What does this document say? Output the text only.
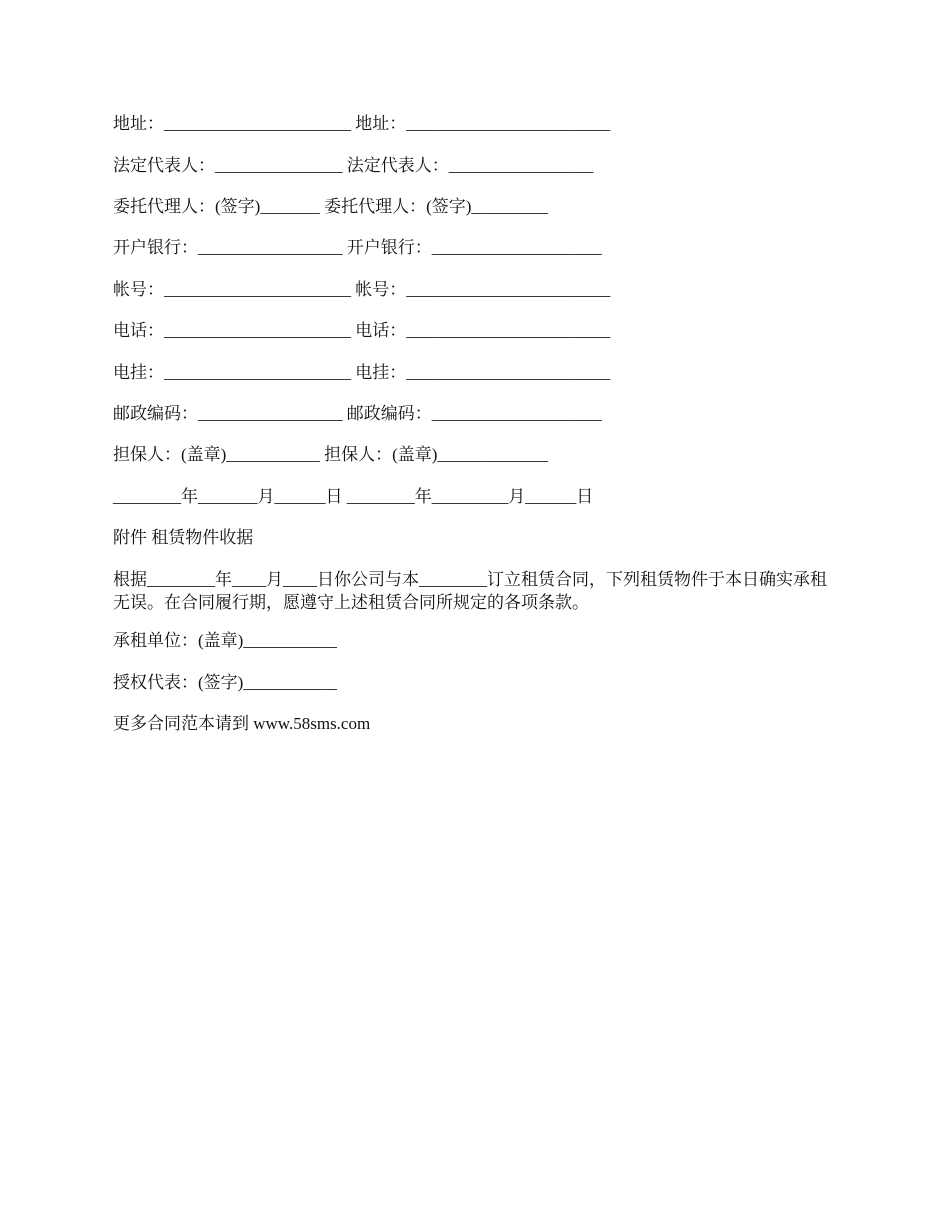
地址：______________________ 地址：________________________
法定代表人：_______________ 法定代表人：_________________
委托代理人：(签字)_______ 委托代理人：(签字)_________
开户银行：_________________ 开户银行：____________________
帐号：______________________ 帐号：________________________
电话：______________________ 电话：________________________
电挂：______________________ 电挂：________________________
邮政编码：_________________ 邮政编码：____________________
担保人：(盖章)___________ 担保人：(盖章)_____________
________年_______月______日 ________年_________月______日
附件 租赁物件收据
根据________年____月____日你公司与本________订立租赁合同，下列租赁物件于本日确实承租无误。在合同履行期，愿遵守上述租赁合同所规定的各项条款。
承租单位：(盖章)___________
授权代表：(签字)___________
更多合同范本请到 www.58sms.com
